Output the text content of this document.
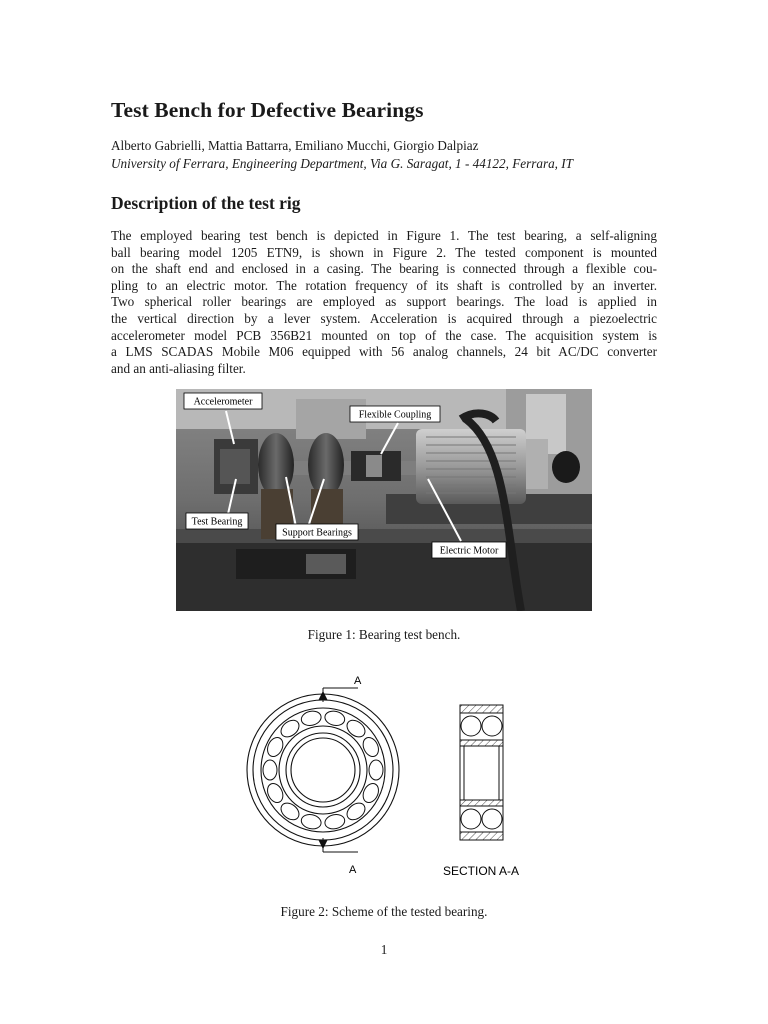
Test Bench for Defective Bearings
Alberto Gabrielli, Mattia Battarra, Emiliano Mucchi, Giorgio Dalpiaz
University of Ferrara, Engineering Department, Via G. Saragat, 1 - 44122, Ferrara, IT
Description of the test rig
The employed bearing test bench is depicted in Figure 1. The test bearing, a self-aligning
ball bearing model 1205 ETN9, is shown in Figure 2. The tested component is mounted
on the shaft end and enclosed in a casing. The bearing is connected through a flexible cou-
pling to an electric motor. The rotation frequency of its shaft is controlled by an inverter.
Two spherical roller bearings are employed as support bearings. The load is applied in
the vertical direction by a lever system. Acceleration is acquired through a piezoelectric
accelerometer model PCB 356B21 mounted on top of the case. The acquisition system is
a LMS SCADAS Mobile M06 equipped with 56 analog channels, 24 bit AC/DC converter
and an anti-aliasing filter.
Accelerometer
Flexible Coupling
Test Bearing
Support Bearings
Electric Motor
Figure 1: Bearing test bench.
A
A	SECTION A-A
Figure 2: Scheme of the tested bearing.
1
